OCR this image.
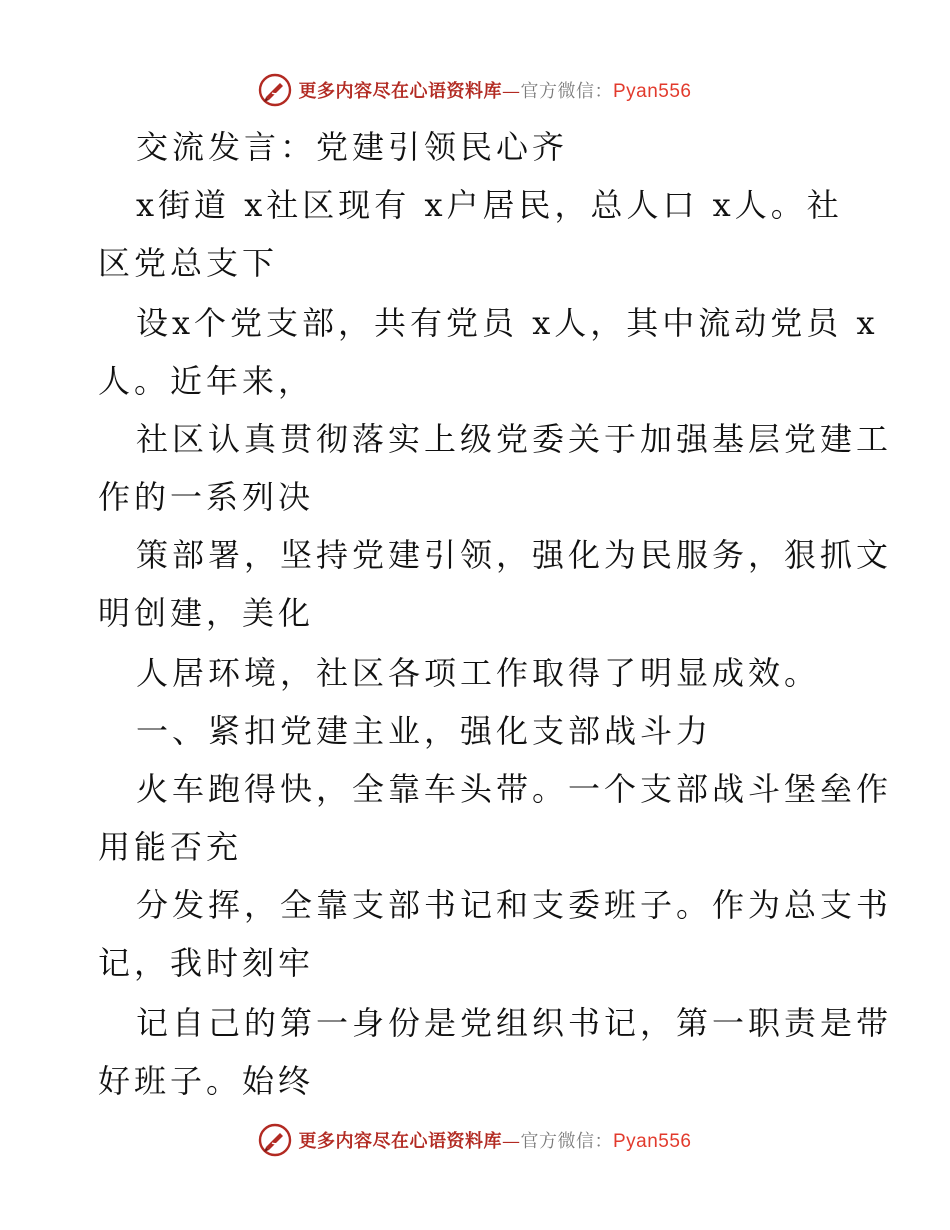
更多内容尽在心语资料库—官方微信：Pyan556
交流发言：党建引领民心齐
x街道 x社区现有 x户居民，总人口 x人。社
区党总支下
设x个党支部，共有党员 x人，其中流动党员 x
人。近年来，
社区认真贯彻落实上级党委关于加强基层党建工
作的一系列决
策部署，坚持党建引领，强化为民服务，狠抓文
明创建，美化
人居环境，社区各项工作取得了明显成效。
一、紧扣党建主业，强化支部战斗力
火车跑得快，全靠车头带。一个支部战斗堡垒作
用能否充
分发挥，全靠支部书记和支委班子。作为总支书
记，我时刻牢
记自己的第一身份是党组织书记，第一职责是带
好班子。始终
更多内容尽在心语资料库—官方微信：Pyan556
